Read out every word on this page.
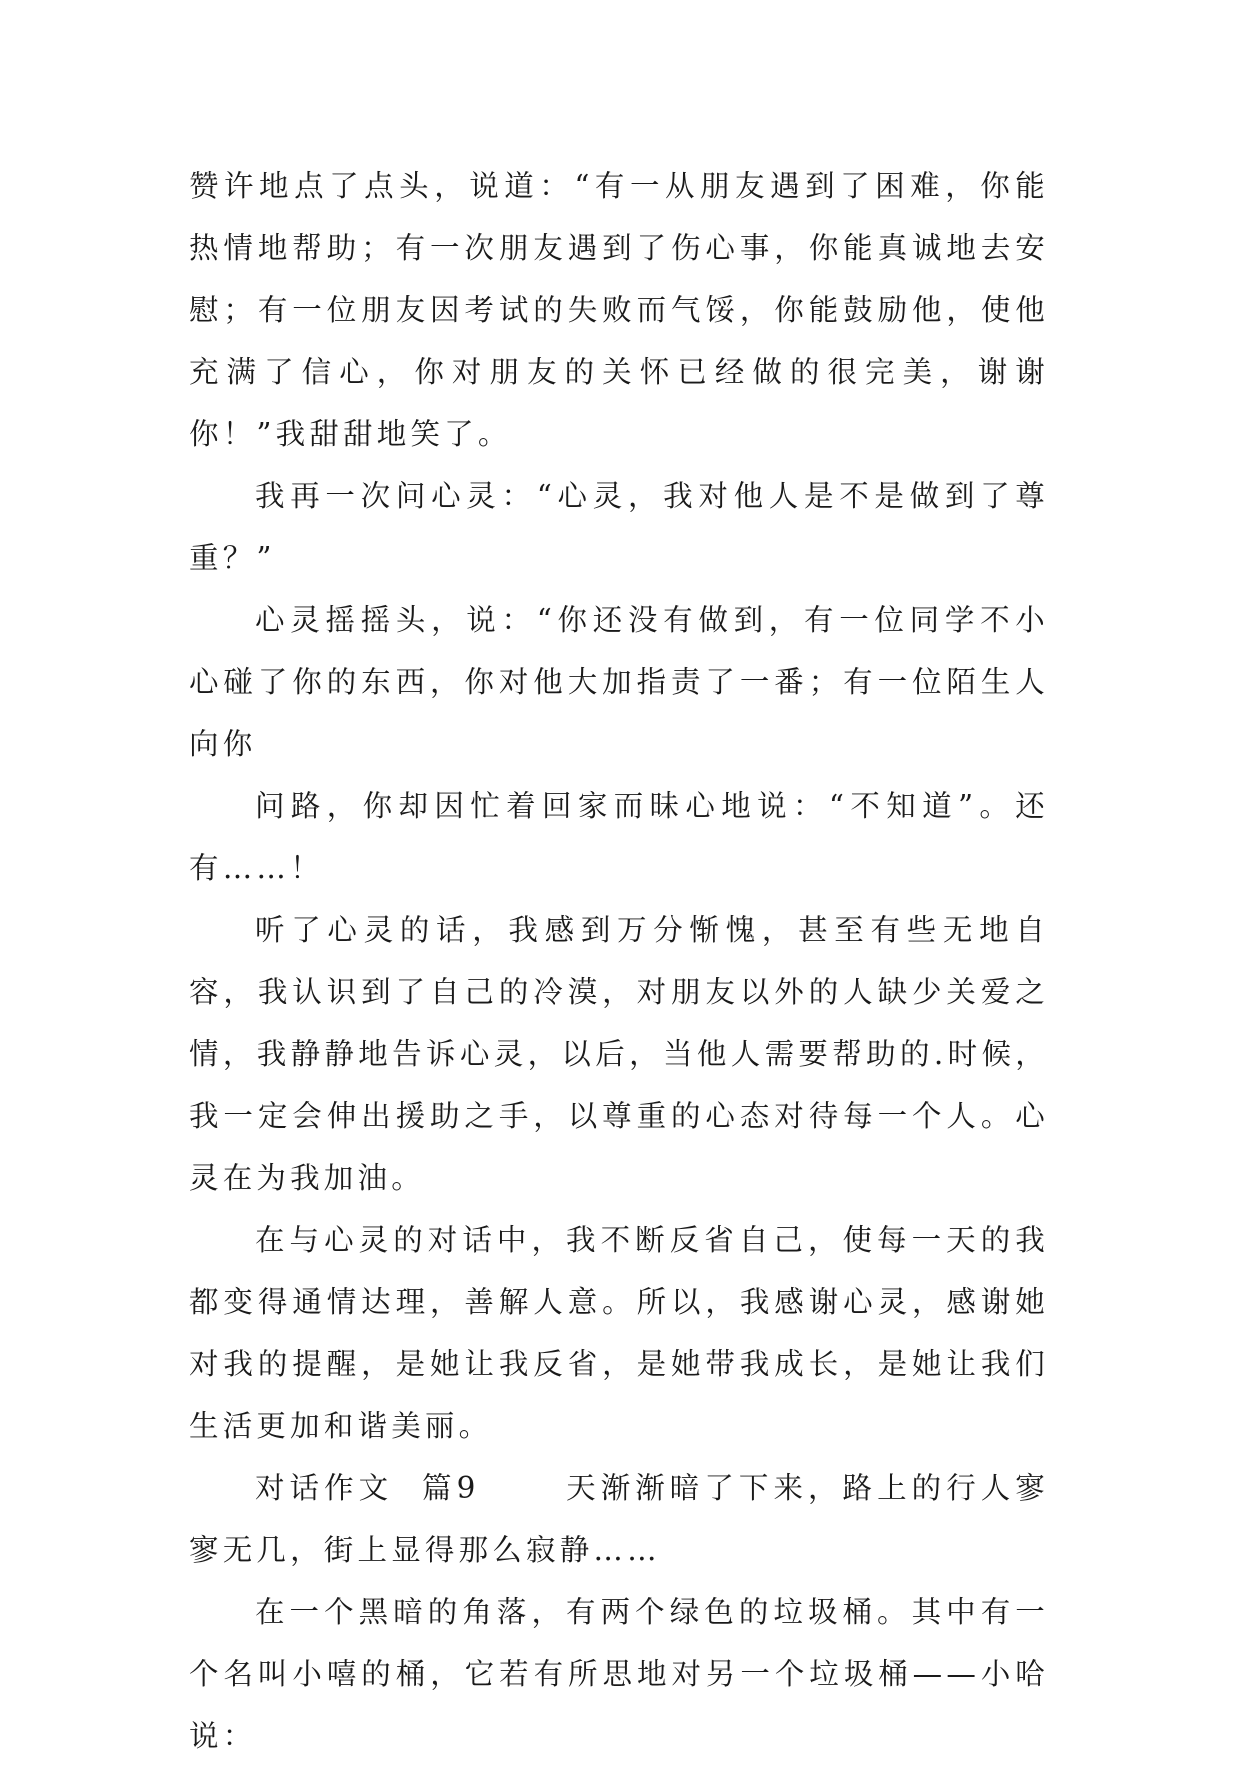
赞许地点了点头，说道：“有一从朋友遇到了困难，你能热情地帮助；有一次朋友遇到了伤心事，你能真诚地去安慰；有一位朋友因考试的失败而气馁，你能鼓励他，使他充满了信心，你对朋友的关怀已经做的很完美，谢谢你！”我甜甜地笑了。

我再一次问心灵：“心灵，我对他人是不是做到了尊重？”

心灵摇摇头，说：“你还没有做到，有一位同学不小心碰了你的东西，你对他大加指责了一番；有一位陌生人向你

问路，你却因忙着回家而昧心地说：“不知道”。还有……！

听了心灵的话，我感到万分惭愧，甚至有些无地自容，我认识到了自己的冷漠，对朋友以外的人缺少关爱之情，我静静地告诉心灵，以后，当他人需要帮助的.时候，我一定会伸出援助之手，以尊重的心态对待每一个人。心灵在为我加油。

在与心灵的对话中，我不断反省自己，使每一天的我都变得通情达理，善解人意。所以，我感谢心灵，感谢她对我的提醒，是她让我反省，是她带我成长，是她让我们生活更加和谐美丽。

对话作文  篇9      天渐渐暗了下来，路上的行人寥寥无几，街上显得那么寂静……

在一个黑暗的角落，有两个绿色的垃圾桶。其中有一个名叫小嘻的桶，它若有所思地对另一个垃圾桶——小哈说：
